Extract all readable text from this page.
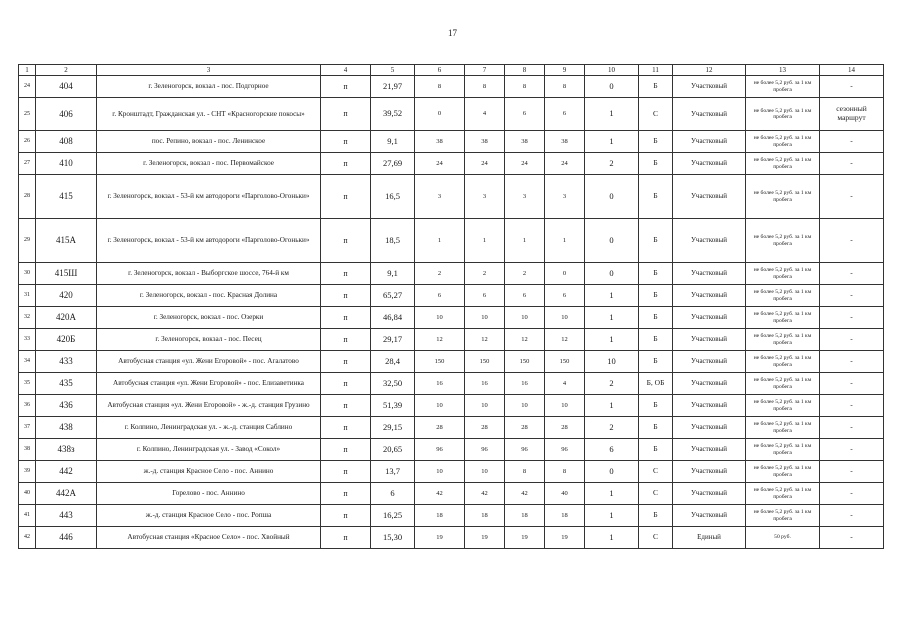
17
1	2	3	4	5	6	7	8	9	10	11	12	13	14
24	404	г. Зеленогорск, вокзал - пос. Подгорное	п	21,97	8	8	8	8	0	Б	Участковый	не более 5,2 руб. за 1 км пробега	-
25	406	г. Кронштадт, Гражданская ул. - СНТ «Красногорские покосы»	п	39,52	0	4	6	6	1	С	Участковый	не более 5,2 руб. за 1 км пробега	сезонный маршрут
26	408	пос. Репино, вокзал - пос. Ленинское	п	9,1	38	38	38	38	1	Б	Участковый	не более 5,2 руб. за 1 км пробега	-
27	410	г. Зеленогорск, вокзал - пос. Первомайское	п	27,69	24	24	24	24	2	Б	Участковый	не более 5,2 руб. за 1 км пробега	-
28	415	г. Зеленогорск, вокзал - 53-й км автодороги «Парголово-Огоньки»	п	16,5	3	3	3	3	0	Б	Участковый	не более 5,2 руб. за 1 км пробега	-
29	415А	г. Зеленогорск, вокзал - 53-й км автодороги «Парголово-Огоньки»	п	18,5	1	1	1	1	0	Б	Участковый	не более 5,2 руб. за 1 км пробега	-
30	415Ш	г. Зеленогорск, вокзал - Выборгское шоссе, 764-й км	п	9,1	2	2	2	0	0	Б	Участковый	не более 5,2 руб. за 1 км пробега	-
31	420	г. Зеленогорск, вокзал - пос. Красная Долина	п	65,27	6	6	6	6	1	Б	Участковый	не более 5,2 руб. за 1 км пробега	-
32	420А	г. Зеленогорск, вокзал - пос. Озерки	п	46,84	10	10	10	10	1	Б	Участковый	не более 5,2 руб. за 1 км пробега	-
33	420Б	г. Зеленогорск, вокзал - пос. Песец	п	29,17	12	12	12	12	1	Б	Участковый	не более 5,2 руб. за 1 км пробега	-
34	433	Автобусная станция «ул. Жени Егоровой» - пос. Агалатово	п	28,4	150	150	150	150	10	Б	Участковый	не более 5,2 руб. за 1 км пробега	-
35	435	Автобусная станция «ул. Жени Егоровой» - пос. Елизаветинка	п	32,50	16	16	16	4	2	Б, ОБ	Участковый	не более 5,2 руб. за 1 км пробега	-
36	436	Автобусная станция «ул. Жени Егоровой» - ж.-д. станция Грузино	п	51,39	10	10	10	10	1	Б	Участковый	не более 5,2 руб. за 1 км пробега	-
37	438	г. Колпино, Ленинградская ул. - ж.-д. станция Саблино	п	29,15	28	28	28	28	2	Б	Участковый	не более 5,2 руб. за 1 км пробега	-
38	438з	г. Колпино, Ленинградская ул. - Завод «Сокол»	п	20,65	96	96	96	96	6	Б	Участковый	не более 5,2 руб. за 1 км пробега	-
39	442	ж.-д. станция Красное Село - пос. Аннино	п	13,7	10	10	8	8	0	С	Участковый	не более 5,2 руб. за 1 км пробега	-
40	442А	Горелово - пос. Аннино	п	6	42	42	42	40	1	С	Участковый	не более 5,2 руб. за 1 км пробега	-
41	443	ж.-д. станция Красное Село - пос. Ропша	п	16,25	18	18	18	18	1	Б	Участковый	не более 5,2 руб. за 1 км пробега	-
42	446	Автобусная станция «Красное Село» - пос. Хвойный	п	15,30	19	19	19	19	1	С	Единый	50 руб.	-
